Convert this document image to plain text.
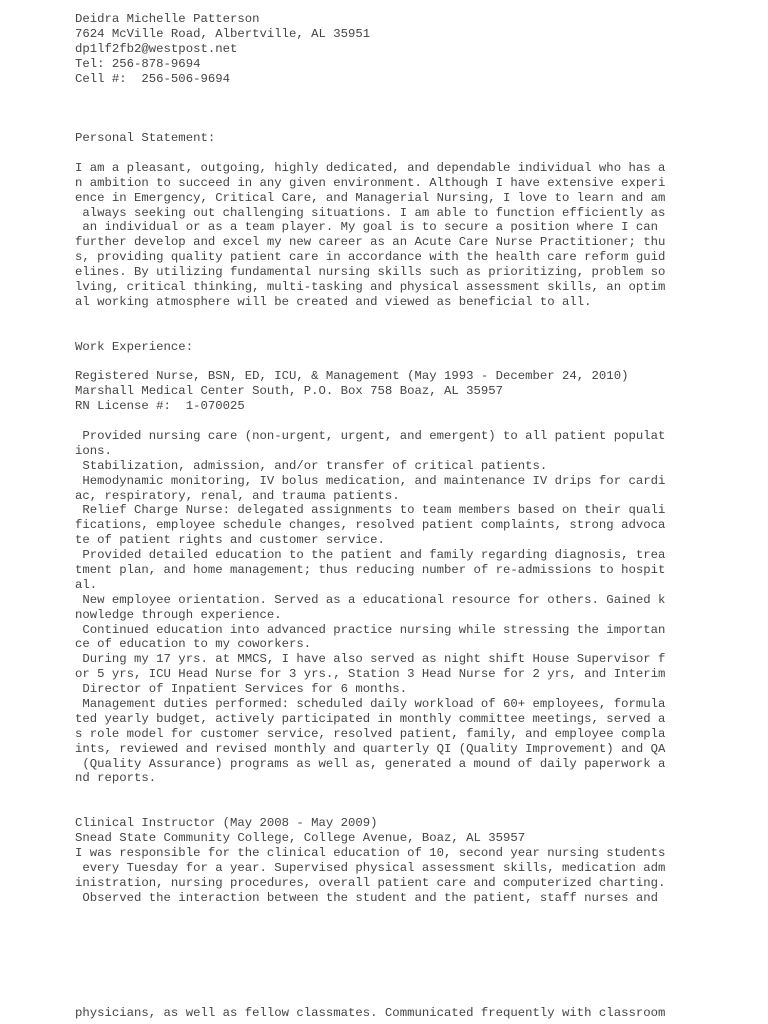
Deidra Michelle Patterson
7624 McVille Road, Albertville, AL 35951
dp1lf2fb2@westpost.net
Tel: 256-878-9694
Cell #:  256-506-9694
Personal Statement:
I am a pleasant, outgoing, highly dedicated, and dependable individual who has a
n ambition to succeed in any given environment. Although I have extensive experi
ence in Emergency, Critical Care, and Managerial Nursing, I love to learn and am
always seeking out challenging situations. I am able to function efficiently as
an individual or as a team player. My goal is to secure a position where I can
further develop and excel my new career as an Acute Care Nurse Practitioner; thu
s, providing quality patient care in accordance with the health care reform guid
elines. By utilizing fundamental nursing skills such as prioritizing, problem so
lving, critical thinking, multi-tasking and physical assessment skills, an optim
al working atmosphere will be created and viewed as beneficial to all.
Work Experience:
Registered Nurse, BSN, ED, ICU, & Management (May 1993 - December 24, 2010)
Marshall Medical Center South, P.O. Box 758 Boaz, AL 35957
RN License #:  1-070025
Provided nursing care (non-urgent, urgent, and emergent) to all patient populat
ions.
Stabilization, admission, and/or transfer of critical patients.
Hemodynamic monitoring, IV bolus medication, and maintenance IV drips for cardi
ac, respiratory, renal, and trauma patients.
Relief Charge Nurse: delegated assignments to team members based on their quali
fications, employee schedule changes, resolved patient complaints, strong advoca
te of patient rights and customer service.
Provided detailed education to the patient and family regarding diagnosis, trea
tment plan, and home management; thus reducing number of re-admissions to hospit
al.
New employee orientation. Served as a educational resource for others. Gained k
nowledge through experience.
Continued education into advanced practice nursing while stressing the importan
ce of education to my coworkers.
During my 17 yrs. at MMCS, I have also served as night shift House Supervisor f
or 5 yrs, ICU Head Nurse for 3 yrs., Station 3 Head Nurse for 2 yrs, and Interim
Director of Inpatient Services for 6 months.
Management duties performed: scheduled daily workload of 60+ employees, formula
ted yearly budget, actively participated in monthly committee meetings, served a
s role model for customer service, resolved patient, family, and employee compla
ints, reviewed and revised monthly and quarterly QI (Quality Improvement) and QA
(Quality Assurance) programs as well as, generated a mound of daily paperwork a
nd reports.
Clinical Instructor (May 2008 - May 2009)
Snead State Community College, College Avenue, Boaz, AL 35957
I was responsible for the clinical education of 10, second year nursing students
every Tuesday for a year. Supervised physical assessment skills, medication adm
inistration, nursing procedures, overall patient care and computerized charting.
Observed the interaction between the student and the patient, staff nurses and
physicians, as well as fellow classmates. Communicated frequently with classroom
